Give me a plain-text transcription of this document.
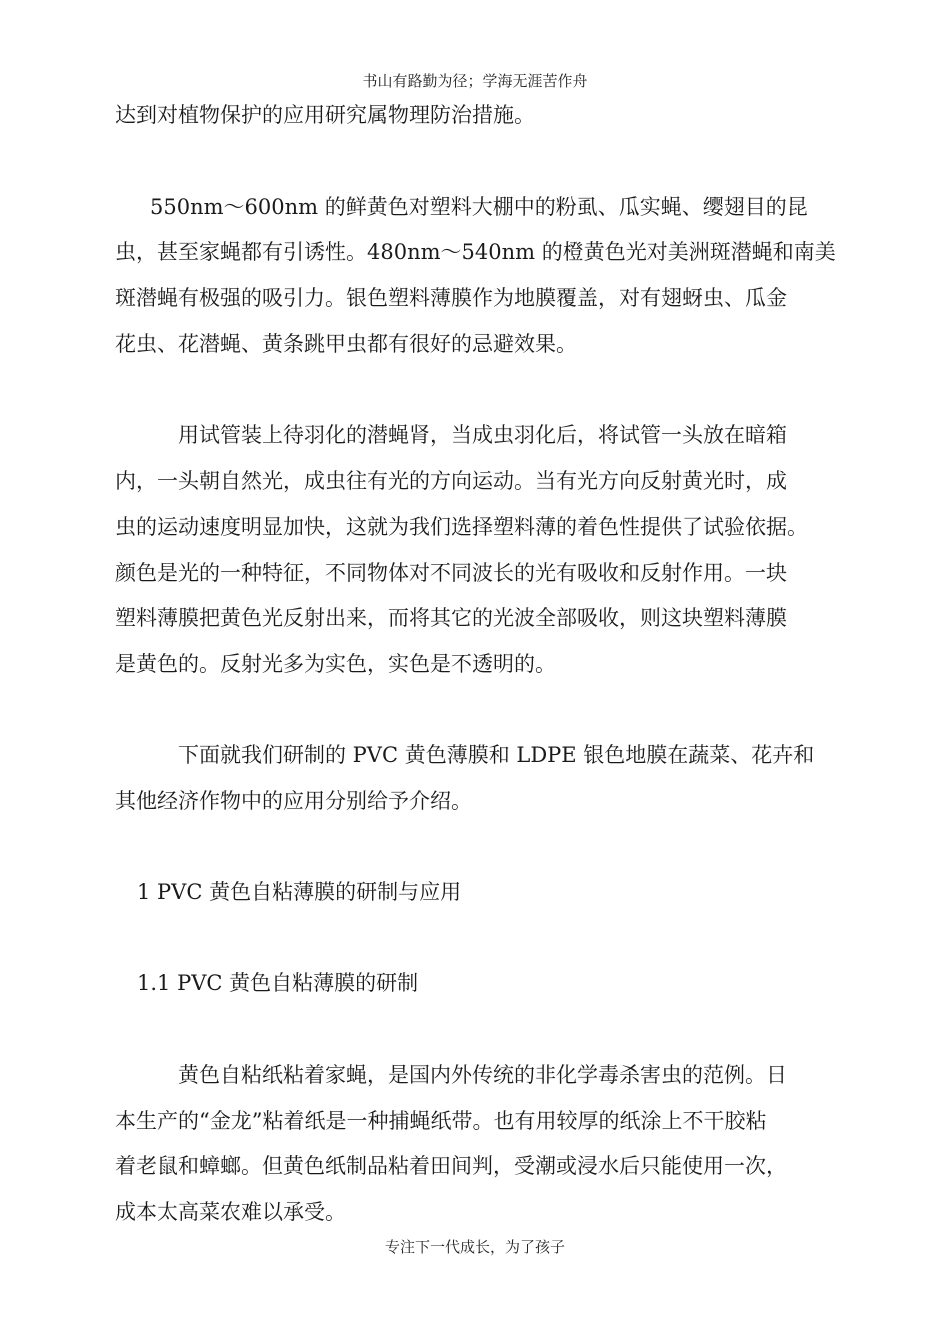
书山有路勤为径；学海无涯苦作舟
达到对植物保护的应用研究属物理防治措施。
550nm～600nm 的鲜黄色对塑料大棚中的粉虱、瓜实蝇、缨翅目的昆
虫，甚至家蝇都有引诱性。480nm～540nm 的橙黄色光对美洲斑潜蝇和南美
斑潜蝇有极强的吸引力。银色塑料薄膜作为地膜覆盖，对有翅蚜虫、瓜金
花虫、花潜蝇、黄条跳甲虫都有很好的忌避效果。
用试管装上待羽化的潜蝇肾，当成虫羽化后，将试管一头放在暗箱
内，一头朝自然光，成虫往有光的方向运动。当有光方向反射黄光时，成
虫的运动速度明显加快，这就为我们选择塑料薄的着色性提供了试验依据。
颜色是光的一种特征，不同物体对不同波长的光有吸收和反射作用。一块
塑料薄膜把黄色光反射出来，而将其它的光波全部吸收，则这块塑料薄膜
是黄色的。反射光多为实色，实色是不透明的。
下面就我们研制的 PVC 黄色薄膜和 LDPE 银色地膜在蔬菜、花卉和
其他经济作物中的应用分别给予介绍。
1 PVC 黄色自粘薄膜的研制与应用
1.1 PVC 黄色自粘薄膜的研制
黄色自粘纸粘着家蝇，是国内外传统的非化学毒杀害虫的范例。日
本生产的“金龙”粘着纸是一种捕蝇纸带。也有用较厚的纸涂上不干胶粘
着老鼠和蟑螂。但黄色纸制品粘着田间判，受潮或浸水后只能使用一次，
成本太高菜农难以承受。
专注下一代成长，为了孩子
